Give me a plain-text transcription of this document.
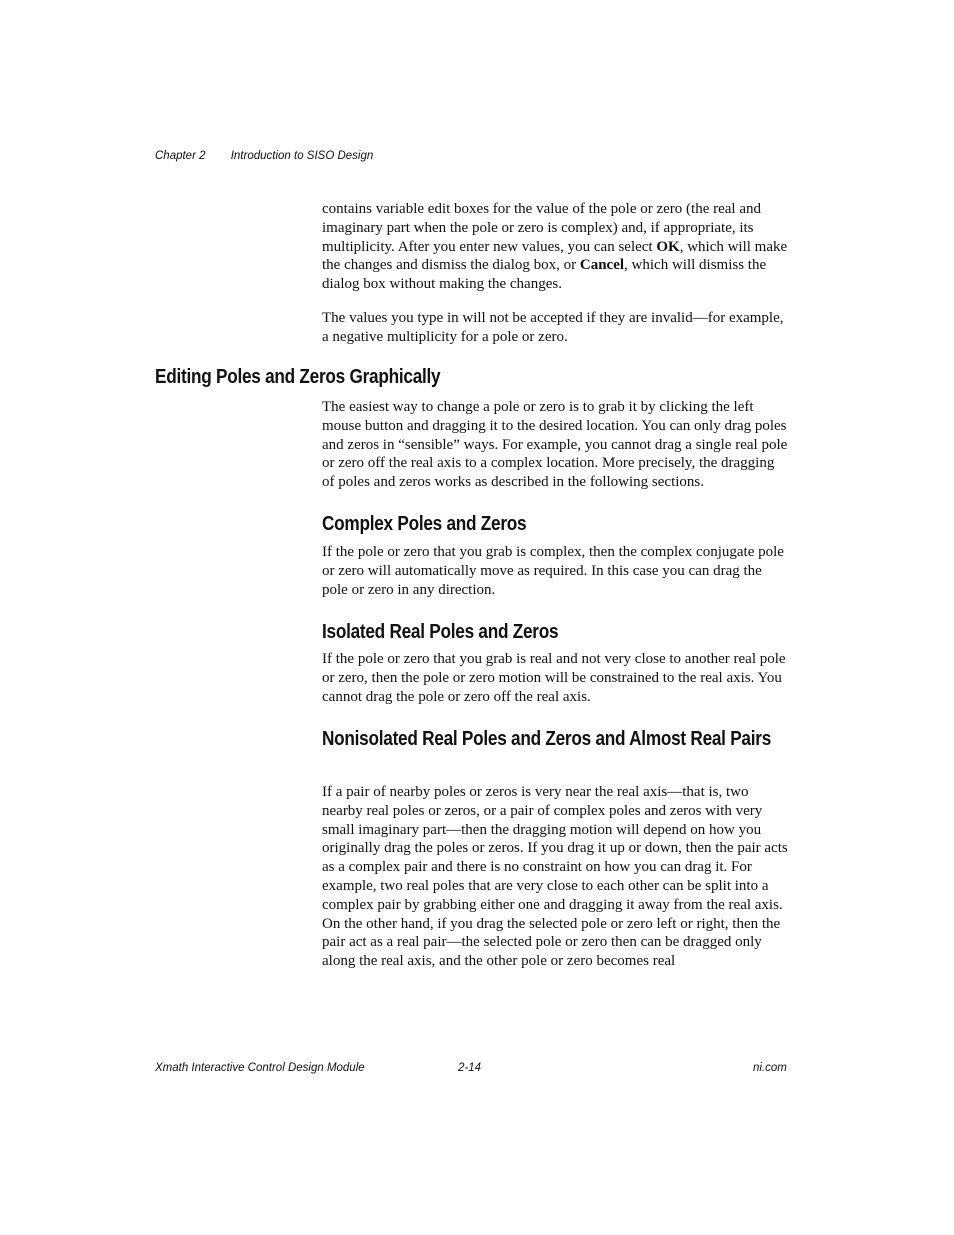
Chapter 2 Introduction to SISO Design

contains variable edit boxes for the value of the pole or zero (the real and imaginary part when the pole or zero is complex) and, if appropriate, its multiplicity. After you enter new values, you can select OK, which will make the changes and dismiss the dialog box, or Cancel, which will dismiss the dialog box without making the changes.

The values you type in will not be accepted if they are invalid—for example, a negative multiplicity for a pole or zero.

Editing Poles and Zeros Graphically

The easiest way to change a pole or zero is to grab it by clicking the left mouse button and dragging it to the desired location. You can only drag poles and zeros in “sensible” ways. For example, you cannot drag a single real pole or zero off the real axis to a complex location. More precisely, the dragging of poles and zeros works as described in the following sections.

Complex Poles and Zeros

If the pole or zero that you grab is complex, then the complex conjugate pole or zero will automatically move as required. In this case you can drag the pole or zero in any direction.

Isolated Real Poles and Zeros

If the pole or zero that you grab is real and not very close to another real pole or zero, then the pole or zero motion will be constrained to the real axis. You cannot drag the pole or zero off the real axis.

Nonisolated Real Poles and Zeros and Almost Real Pairs

If a pair of nearby poles or zeros is very near the real axis—that is, two nearby real poles or zeros, or a pair of complex poles and zeros with very small imaginary part—then the dragging motion will depend on how you originally drag the poles or zeros. If you drag it up or down, then the pair acts as a complex pair and there is no constraint on how you can drag it. For example, two real poles that are very close to each other can be split into a complex pair by grabbing either one and dragging it away from the real axis. On the other hand, if you drag the selected pole or zero left or right, then the pair act as a real pair—the selected pole or zero then can be dragged only along the real axis, and the other pole or zero becomes real

Xmath Interactive Control Design Module	2-14	ni.com
